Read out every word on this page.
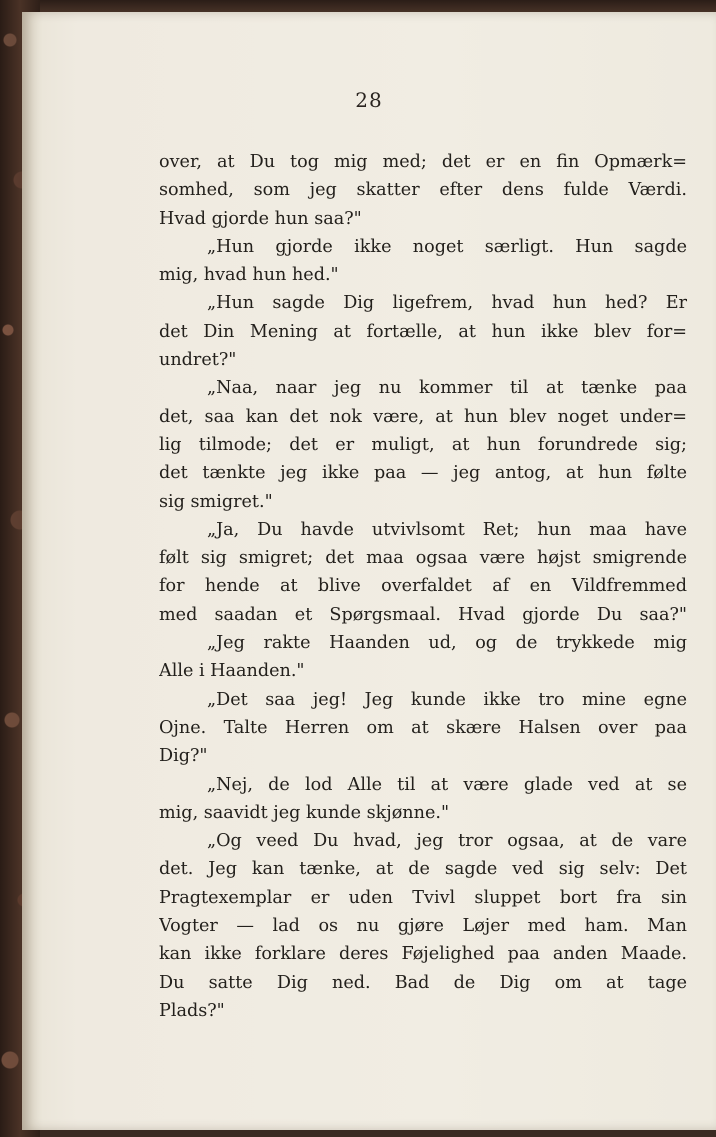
28
over, at Du tog mig med; det er en fin Opmærk=
somhed, som jeg skatter efter dens fulde Værdi.
Hvad gjorde hun saa?"
„Hun gjorde ikke noget særligt. Hun sagde
mig, hvad hun hed."
„Hun sagde Dig ligefrem, hvad hun hed? Er
det Din Mening at fortælle, at hun ikke blev for=
undret?"
„Naa, naar jeg nu kommer til at tænke paa
det, saa kan det nok være, at hun blev noget under=
lig tilmode; det er muligt, at hun forundrede sig;
det tænkte jeg ikke paa — jeg antog, at hun følte
sig smigret."
„Ja, Du havde utvivlsomt Ret; hun maa have
følt sig smigret; det maa ogsaa være højst smigrende
for hende at blive overfaldet af en Vildfremmed
med saadan et Spørgsmaal. Hvad gjorde Du saa?"
„Jeg rakte Haanden ud, og de trykkede mig
Alle i Haanden."
„Det saa jeg! Jeg kunde ikke tro mine egne
Ojne. Talte Herren om at skære Halsen over paa
Dig?"
„Nej, de lod Alle til at være glade ved at se
mig, saavidt jeg kunde skjønne."
„Og veed Du hvad, jeg tror ogsaa, at de vare
det. Jeg kan tænke, at de sagde ved sig selv: Det
Pragtexemplar er uden Tvivl sluppet bort fra sin
Vogter — lad os nu gjøre Løjer med ham. Man
kan ikke forklare deres Føjelighed paa anden Maade.
Du satte Dig ned. Bad de Dig om at tage
Plads?"
